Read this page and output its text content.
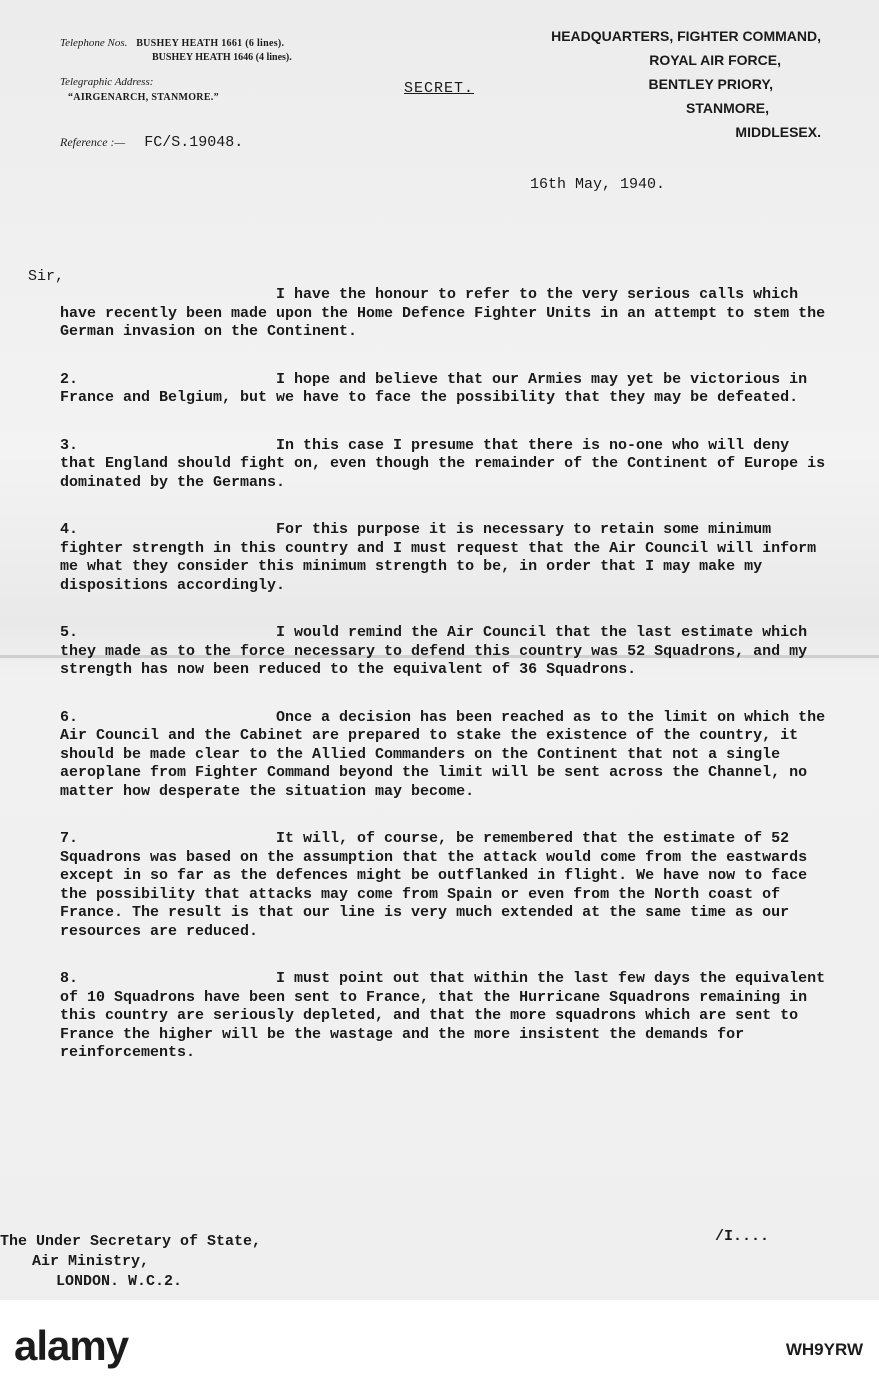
Telephone Nos. BUSHEY HEATH 1661 (6 lines).
BUSHEY HEATH 1646 (4 lines).
Telegraphic Address:
“AIRGENARCH, STANMORE.”
SECRET.
HEADQUARTERS, FIGHTER COMMAND,
ROYAL AIR FORCE,
BENTLEY PRIORY,
STANMORE,
MIDDLESEX.
Reference :— FC/S.19048.
16th May, 1940.
Sir,

I have the honour to refer to the very serious calls which have recently been made upon the Home Defence Fighter Units in an attempt to stem the German invasion on the Continent.

2.	I hope and believe that our Armies may yet be victorious in France and Belgium, but we have to face the possibility that they may be defeated.

3.	In this case I presume that there is no-one who will deny that England should fight on, even though the remainder of the Continent of Europe is dominated by the Germans.

4.	For this purpose it is necessary to retain some minimum fighter strength in this country and I must request that the Air Council will inform me what they consider this minimum strength to be, in order that I may make my dispositions accordingly.

5.	I would remind the Air Council that the last estimate which they made as to the force necessary to defend this country was 52 Squadrons, and my strength has now been reduced to the equivalent of 36 Squadrons.

6.	Once a decision has been reached as to the limit on which the Air Council and the Cabinet are prepared to stake the existence of the country, it should be made clear to the Allied Commanders on the Continent that not a single aeroplane from Fighter Command beyond the limit will be sent across the Channel, no matter how desperate the situation may become.

7.	It will, of course, be remembered that the estimate of 52 Squadrons was based on the assumption that the attack would come from the eastwards except in so far as the defences might be outflanked in flight. We have now to face the possibility that attacks may come from Spain or even from the North coast of France. The result is that our line is very much extended at the same time as our resources are reduced.

8.	I must point out that within the last few days the equivalent of 10 Squadrons have been sent to France, that the Hurricane Squadrons remaining in this country are seriously depleted, and that the more squadrons which are sent to France the higher will be the wastage and the more insistent the demands for reinforcements.

/I....
The Under Secretary of State,
Air Ministry,
LONDON. W.C.2.
alamy	WH9YRW
